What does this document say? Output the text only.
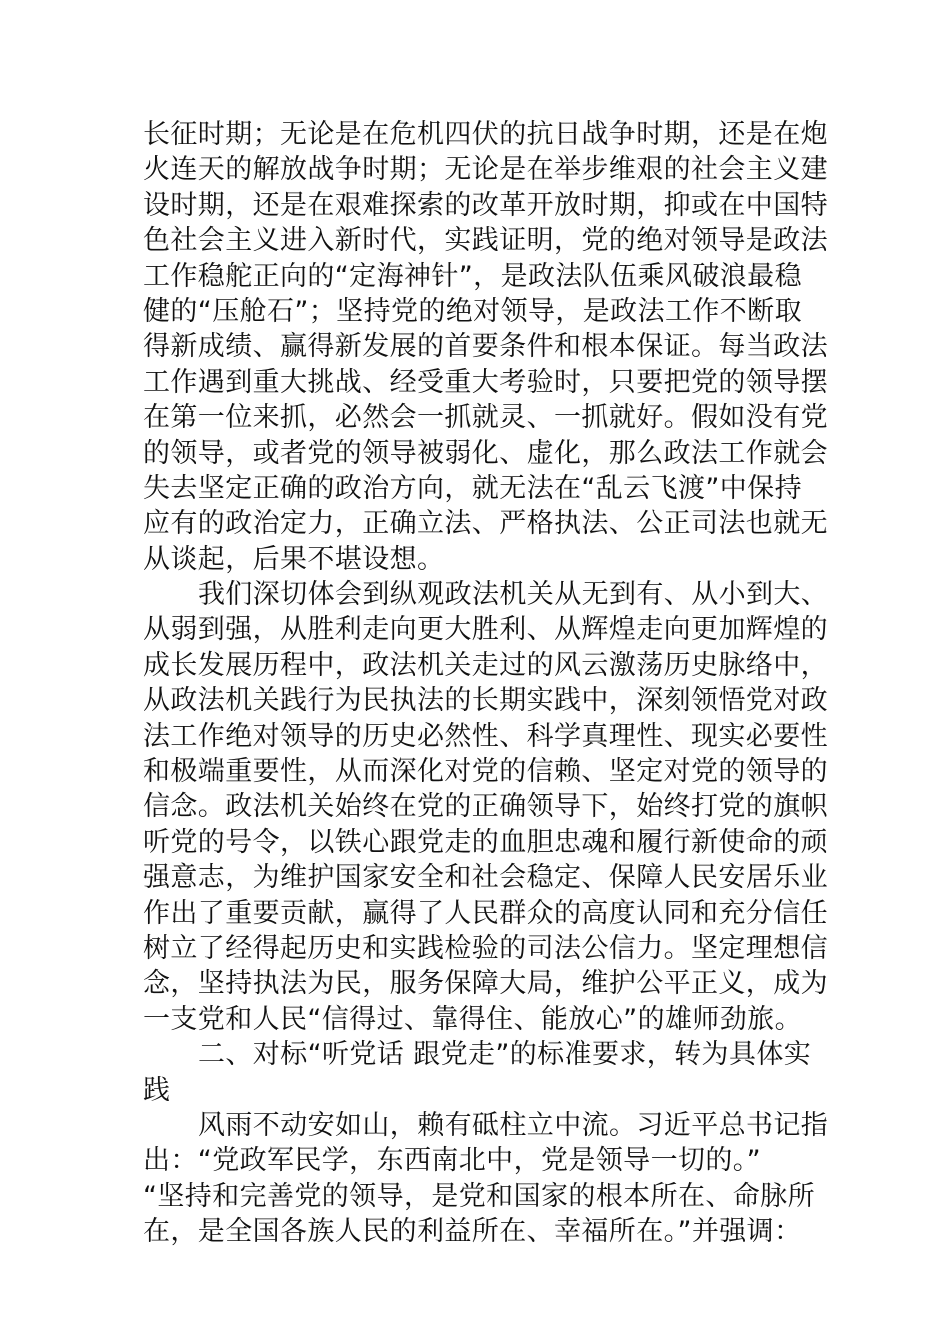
长征时期；无论是在危机四伏的抗日战争时期，还是在炮
火连天的解放战争时期；无论是在举步维艰的社会主义建
设时期，还是在艰难探索的改革开放时期，抑或在中国特
色社会主义进入新时代，实践证明，党的绝对领导是政法
工作稳舵正向的“定海神针”，是政法队伍乘风破浪最稳
健的“压舱石”；坚持党的绝对领导，是政法工作不断取
得新成绩、赢得新发展的首要条件和根本保证。每当政法
工作遇到重大挑战、经受重大考验时，只要把党的领导摆
在第一位来抓，必然会一抓就灵、一抓就好。假如没有党
的领导，或者党的领导被弱化、虚化，那么政法工作就会
失去坚定正确的政治方向，就无法在“乱云飞渡”中保持
应有的政治定力，正确立法、严格执法、公正司法也就无
从谈起，后果不堪设想。
我们深切体会到纵观政法机关从无到有、从小到大、
从弱到强，从胜利走向更大胜利、从辉煌走向更加辉煌的
成长发展历程中，政法机关走过的风云激荡历史脉络中，
从政法机关践行为民执法的长期实践中，深刻领悟党对政
法工作绝对领导的历史必然性、科学真理性、现实必要性
和极端重要性，从而深化对党的信赖、坚定对党的领导的
信念。政法机关始终在党的正确领导下，始终打党的旗帜
听党的号令，以铁心跟党走的血胆忠魂和履行新使命的顽
强意志，为维护国家安全和社会稳定、保障人民安居乐业
作出了重要贡献，赢得了人民群众的高度认同和充分信任
树立了经得起历史和实践检验的司法公信力。坚定理想信
念，坚持执法为民，服务保障大局，维护公平正义，成为
一支党和人民“信得过、靠得住、能放心”的雄师劲旅。
二、对标“听党话 跟党走”的标准要求，转为具体实
践
风雨不动安如山，赖有砥柱立中流。习近平总书记指
出：“党政军民学，东西南北中，党是领导一切的。”
“坚持和完善党的领导，是党和国家的根本所在、命脉所
在，是全国各族人民的利益所在、幸福所在。”并强调：
